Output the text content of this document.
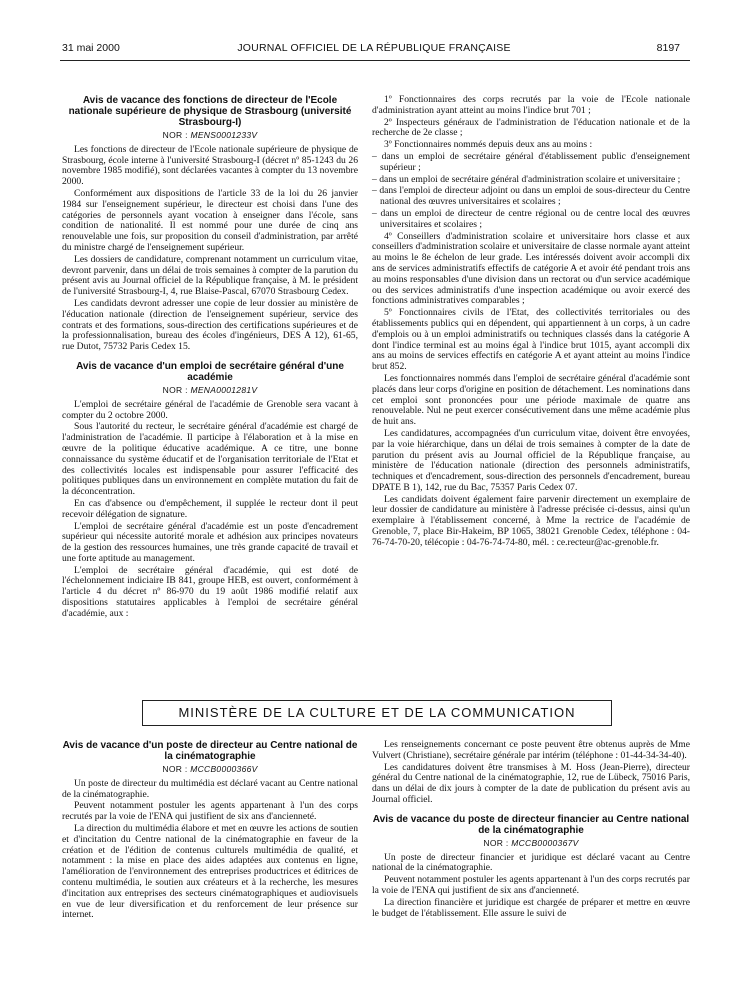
31 mai 2000	JOURNAL OFFICIEL DE LA RÉPUBLIQUE FRANÇAISE	8197
Avis de vacance des fonctions de directeur de l'Ecole nationale supérieure de physique de Strasbourg (université Strasbourg-I)
NOR : MENS0001233V

Les fonctions de directeur de l'Ecole nationale supérieure de physique de Strasbourg, école interne à l'université Strasbourg-I (décret nº 85-1243 du 26 novembre 1985 modifié), sont déclarées vacantes à compter du 13 novembre 2000.

Conformément aux dispositions de l'article 33 de la loi du 26 janvier 1984 sur l'enseignement supérieur, le directeur est choisi dans l'une des catégories de personnels ayant vocation à enseigner dans l'école, sans condition de nationalité. Il est nommé pour une durée de cinq ans renouvelable une fois, sur proposition du conseil d'administration, par arrêté du ministre chargé de l'enseignement supérieur.

Les dossiers de candidature, comprenant notamment un curriculum vitae, devront parvenir, dans un délai de trois semaines à compter de la parution du présent avis au Journal officiel de la République française, à M. le président de l'université Strasbourg-I, 4, rue Blaise-Pascal, 67070 Strasbourg Cedex.

Les candidats devront adresser une copie de leur dossier au ministère de l'éducation nationale (direction de l'enseignement supérieur, service des contrats et des formations, sous-direction des certifications supérieures et de la professionnalisation, bureau des écoles d'ingénieurs, DES A 12), 61-65, rue Dutot, 75732 Paris Cedex 15.

Avis de vacance d'un emploi de secrétaire général d'une académie
NOR : MENA0001281V

L'emploi de secrétaire général de l'académie de Grenoble sera vacant à compter du 2 octobre 2000.

Sous l'autorité du recteur, le secrétaire général d'académie est chargé de l'administration de l'académie. Il participe à l'élaboration et à la mise en œuvre de la politique éducative académique. A ce titre, une bonne connaissance du système éducatif et de l'organisation territoriale de l'Etat et des collectivités locales est indispensable pour assurer l'efficacité des politiques publiques dans un environnement en complète mutation du fait de la déconcentration.

En cas d'absence ou d'empêchement, il supplée le recteur dont il peut recevoir délégation de signature.

L'emploi de secrétaire général d'académie est un poste d'encadrement supérieur qui nécessite autorité morale et adhésion aux principes novateurs de la gestion des ressources humaines, une très grande capacité de travail et une forte aptitude au management.

L'emploi de secrétaire général d'académie, qui est doté de l'échelonnement indiciaire IB 841, groupe HEB, est ouvert, conformément à l'article 4 du décret nº 86-970 du 19 août 1986 modifié relatif aux dispositions statutaires applicables à l'emploi de secrétaire général d'académie, aux :

1º Fonctionnaires des corps recrutés par la voie de l'Ecole nationale d'administration ayant atteint au moins l'indice brut 701 ;

2º Inspecteurs généraux de l'administration de l'éducation nationale et de la recherche de 2e classe ;

3º Fonctionnaires nommés depuis deux ans au moins :

– dans un emploi de secrétaire général d'établissement public d'enseignement supérieur ;

– dans un emploi de secrétaire général d'administration scolaire et universitaire ;

– dans l'emploi de directeur adjoint ou dans un emploi de sous-directeur du Centre national des œuvres universitaires et scolaires ;

– dans un emploi de directeur de centre régional ou de centre local des œuvres universitaires et scolaires ;

4º Conseillers d'administration scolaire et universitaire hors classe et aux conseillers d'administration scolaire et universitaire de classe normale ayant atteint au moins le 8e échelon de leur grade. Les intéressés doivent avoir accompli dix ans de services administratifs effectifs de catégorie A et avoir été pendant trois ans au moins responsables d'une division dans un rectorat ou d'un service académique ou des services administratifs d'une inspection académique ou avoir exercé des fonctions administratives comparables ;

5º Fonctionnaires civils de l'Etat, des collectivités territoriales ou des établissements publics qui en dépendent, qui appartiennent à un corps, à un cadre d'emplois ou à un emploi administratifs ou techniques classés dans la catégorie A dont l'indice terminal est au moins égal à l'indice brut 1015, ayant accompli dix ans au moins de services effectifs en catégorie A et ayant atteint au moins l'indice brut 852.

Les fonctionnaires nommés dans l'emploi de secrétaire général d'académie sont placés dans leur corps d'origine en position de détachement. Les nominations dans cet emploi sont prononcées pour une période maximale de quatre ans renouvelable. Nul ne peut exercer consécutivement dans une même académie plus de huit ans.

Les candidatures, accompagnées d'un curriculum vitae, doivent être envoyées, par la voie hiérarchique, dans un délai de trois semaines à compter de la date de parution du présent avis au Journal officiel de la République française, au ministère de l'éducation nationale (direction des personnels administratifs, techniques et d'encadrement, sous-direction des personnels d'encadrement, bureau DPATE B 1), 142, rue du Bac, 75357 Paris Cedex 07.

Les candidats doivent également faire parvenir directement un exemplaire de leur dossier de candidature au ministère à l'adresse précisée ci-dessus, ainsi qu'un exemplaire à l'établissement concerné, à Mme la rectrice de l'académie de Grenoble, 7, place Bir-Hakeim, BP 1065, 38021 Grenoble Cedex, téléphone : 04-76-74-70-20, télécopie : 04-76-74-74-80, mél. : ce.recteur@ac-grenoble.fr.

MINISTÈRE DE LA CULTURE ET DE LA COMMUNICATION
Avis de vacance d'un poste de directeur au Centre national de la cinématographie
NOR : MCCB0000366V

Un poste de directeur du multimédia est déclaré vacant au Centre national de la cinématographie.

Peuvent notamment postuler les agents appartenant à l'un des corps recrutés par la voie de l'ENA qui justifient de six ans d'ancienneté.

La direction du multimédia élabore et met en œuvre les actions de soutien et d'incitation du Centre national de la cinématographie en faveur de la création et de l'édition de contenus culturels multimédia de qualité, et notamment : la mise en place des aides adaptées aux contenus en ligne, l'amélioration de l'environnement des entreprises productrices et éditrices de contenu multimédia, le soutien aux créateurs et à la recherche, les mesures d'incitation aux entreprises des secteurs cinématographiques et audiovisuels en vue de leur diversification et du renforcement de leur présence sur internet.

Les renseignements concernant ce poste peuvent être obtenus auprès de Mme Vulvert (Christiane), secrétaire générale par intérim (téléphone : 01-44-34-34-40).

Les candidatures doivent être transmises à M. Hoss (Jean-Pierre), directeur général du Centre national de la cinématographie, 12, rue de Lübeck, 75016 Paris, dans un délai de dix jours à compter de la date de publication du présent avis au Journal officiel.

Avis de vacance du poste de directeur financier au Centre national de la cinématographie
NOR : MCCB0000367V

Un poste de directeur financier et juridique est déclaré vacant au Centre national de la cinématographie.

Peuvent notamment postuler les agents appartenant à l'un des corps recrutés par la voie de l'ENA qui justifient de six ans d'ancienneté.

La direction financière et juridique est chargée de préparer et mettre en œuvre le budget de l'établissement. Elle assure le suivi de
